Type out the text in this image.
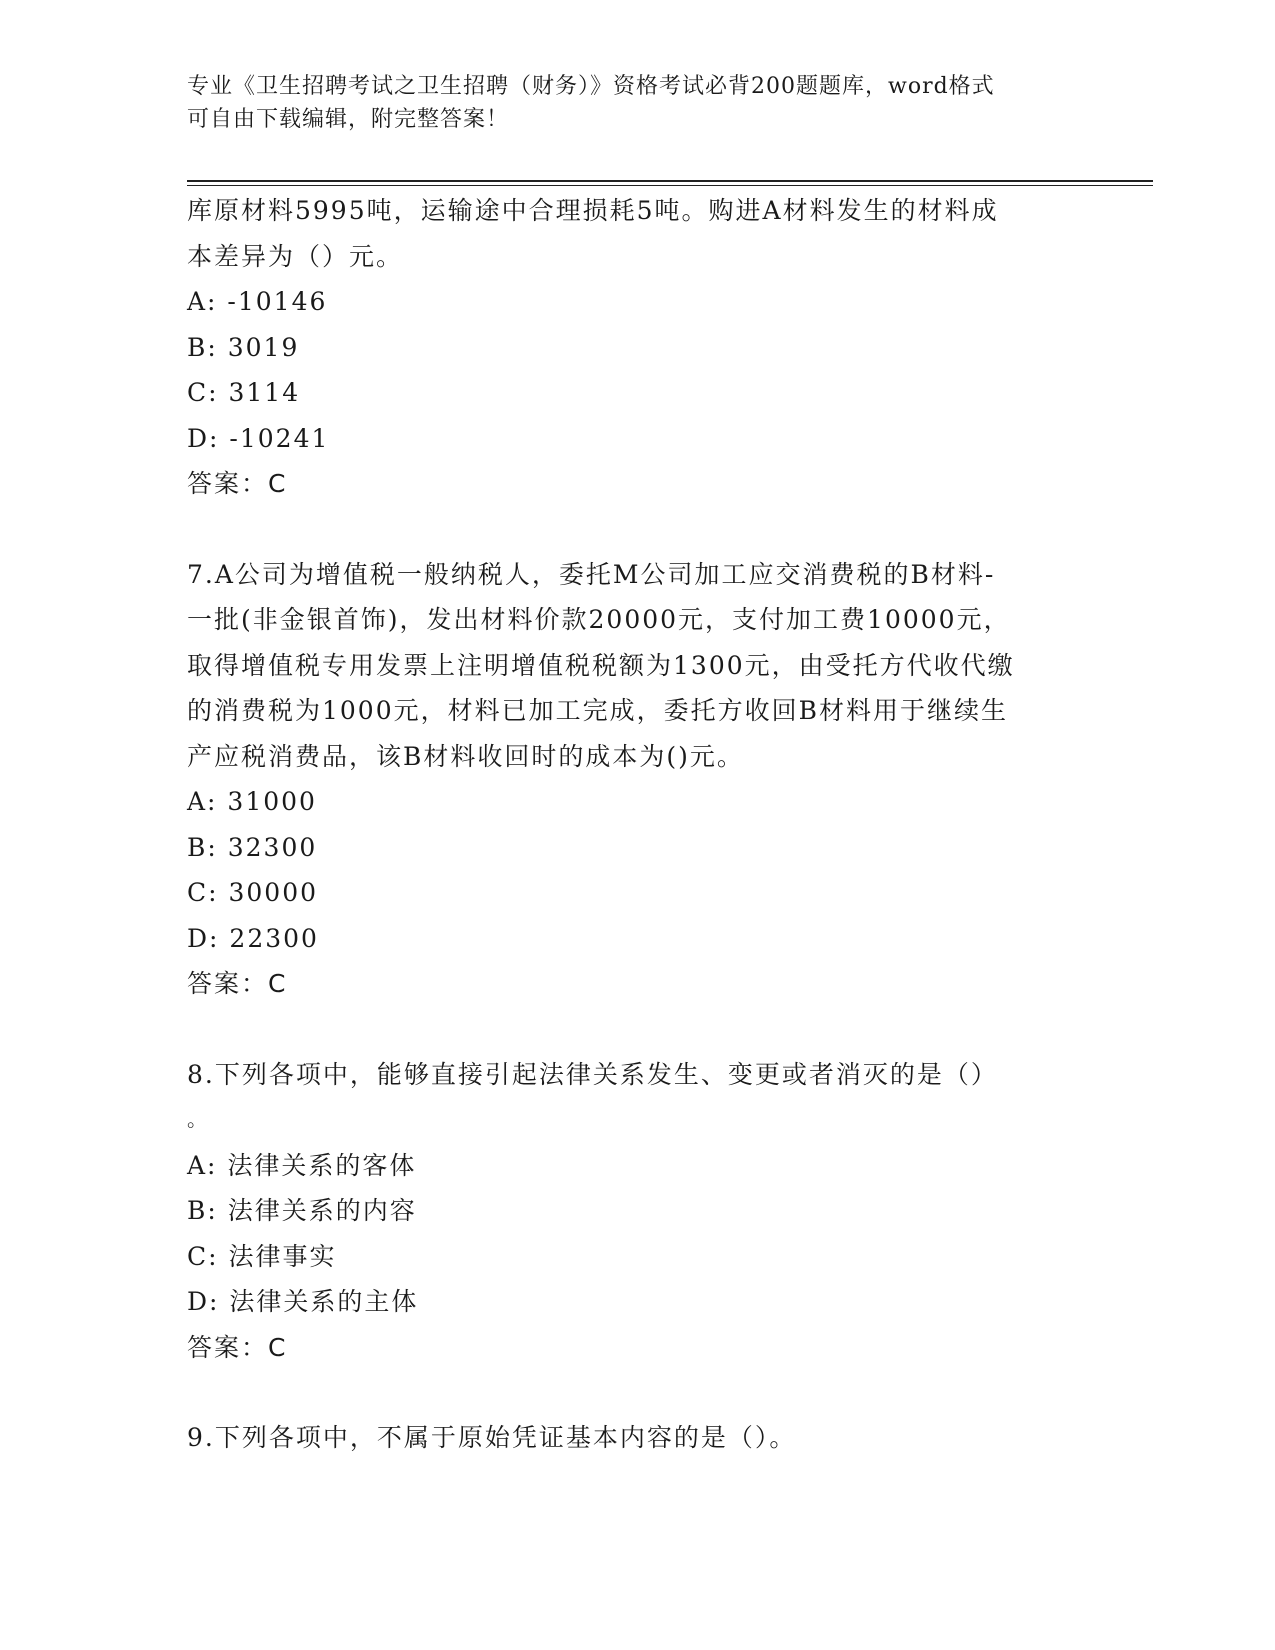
专业《卫生招聘考试之卫生招聘（财务）》资格考试必背200题题库，word格式
可自由下载编辑，附完整答案！
库原材料5995吨，运输途中合理损耗5吨。购进A材料发生的材料成
本差异为（）元。
A: -10146
B: 3019
C: 3114
D: -10241
答案：C
7.A公司为增值税一般纳税人，委托M公司加工应交消费税的B材料-
一批(非金银首饰)，发出材料价款20000元，支付加工费10000元，
取得增值税专用发票上注明增值税税额为1300元，由受托方代收代缴
的消费税为1000元，材料已加工完成，委托方收回B材料用于继续生
产应税消费品，该B材料收回时的成本为()元。
A: 31000
B: 32300
C: 30000
D: 22300
答案：C
8.下列各项中，能够直接引起法律关系发生、变更或者消灭的是（）
。
A: 法律关系的客体
B: 法律关系的内容
C: 法律事实
D: 法律关系的主体
答案：C
9.下列各项中，不属于原始凭证基本内容的是（）。
